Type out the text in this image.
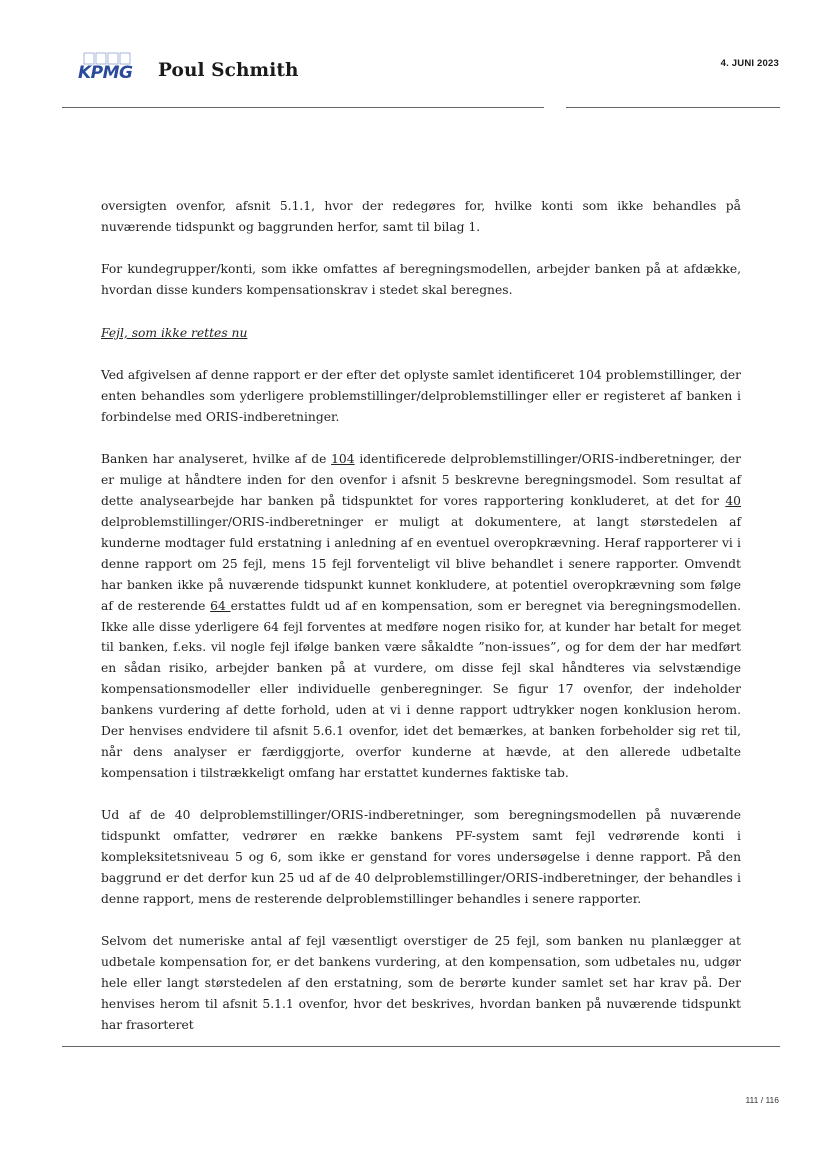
KPMG Poul Schmith	4. JUNI 2023

oversigten ovenfor, afsnit 5.1.1, hvor der redegøres for, hvilke konti som ikke behandles på nuværende tidspunkt og baggrunden herfor, samt til bilag 1.

For kundegrupper/konti, som ikke omfattes af beregningsmodellen, arbejder banken på at afdække, hvordan disse kunders kompensationskrav i stedet skal beregnes.

Fejl, som ikke rettes nu

Ved afgivelsen af denne rapport er der efter det oplyste samlet identificeret 104 problemstillinger, der enten behandles som yderligere problemstillinger/delproblemstillinger eller er registeret af banken i forbindelse med ORIS-indberetninger.

Banken har analyseret, hvilke af de 104 identificerede delproblemstillinger/ORIS-indberetninger, der er mulige at håndtere inden for den ovenfor i afsnit 5 beskrevne beregningsmodel. Som resultat af dette analysearbejde har banken på tidspunktet for vores rapportering konkluderet, at det for 40 delproblemstillinger/ORIS-indberetninger er muligt at dokumentere, at langt størstedelen af kunderne modtager fuld erstatning i anledning af en eventuel overopkrævning. Heraf rapporterer vi i denne rapport om 25 fejl, mens 15 fejl forventeligt vil blive behandlet i senere rapporter. Omvendt har banken ikke på nuværende tidspunkt kunnet konkludere, at potentiel overopkrævning som følge af de resterende 64 erstattes fuldt ud af en kompensation, som er beregnet via beregningsmodellen. Ikke alle disse yderligere 64 fejl forventes at medføre nogen risiko for, at kunder har betalt for meget til banken, f.eks. vil nogle fejl ifølge banken være såkaldte ”non-issues”, og for dem der har medført en sådan risiko, arbejder banken på at vurdere, om disse fejl skal håndteres via selvstændige kompensationsmodeller eller individuelle genberegninger. Se figur 17 ovenfor, der indeholder bankens vurdering af dette forhold, uden at vi i denne rapport udtrykker nogen konklusion herom. Der henvises endvidere til afsnit 5.6.1 ovenfor, idet det bemærkes, at banken forbeholder sig ret til, når dens analyser er færdiggjorte, overfor kunderne at hævde, at den allerede udbetalte kompensation i tilstrækkeligt omfang har erstattet kundernes faktiske tab.

Ud af de 40 delproblemstillinger/ORIS-indberetninger, som beregningsmodellen på nuværende tidspunkt omfatter, vedrører en række bankens PF-system samt fejl vedrørende konti i kompleksitetsniveau 5 og 6, som ikke er genstand for vores undersøgelse i denne rapport. På den baggrund er det derfor kun 25 ud af de 40 delproblemstillinger/ORIS-indberetninger, der behandles i denne rapport, mens de resterende delproblemstillinger behandles i senere rapporter.

Selvom det numeriske antal af fejl væsentligt overstiger de 25 fejl, som banken nu planlægger at udbetale kompensation for, er det bankens vurdering, at den kompensation, som udbetales nu, udgør hele eller langt størstedelen af den erstatning, som de berørte kunder samlet set har krav på. Der henvises herom til afsnit 5.1.1 ovenfor, hvor det beskrives, hvordan banken på nuværende tidspunkt har frasorteret

111 / 116
